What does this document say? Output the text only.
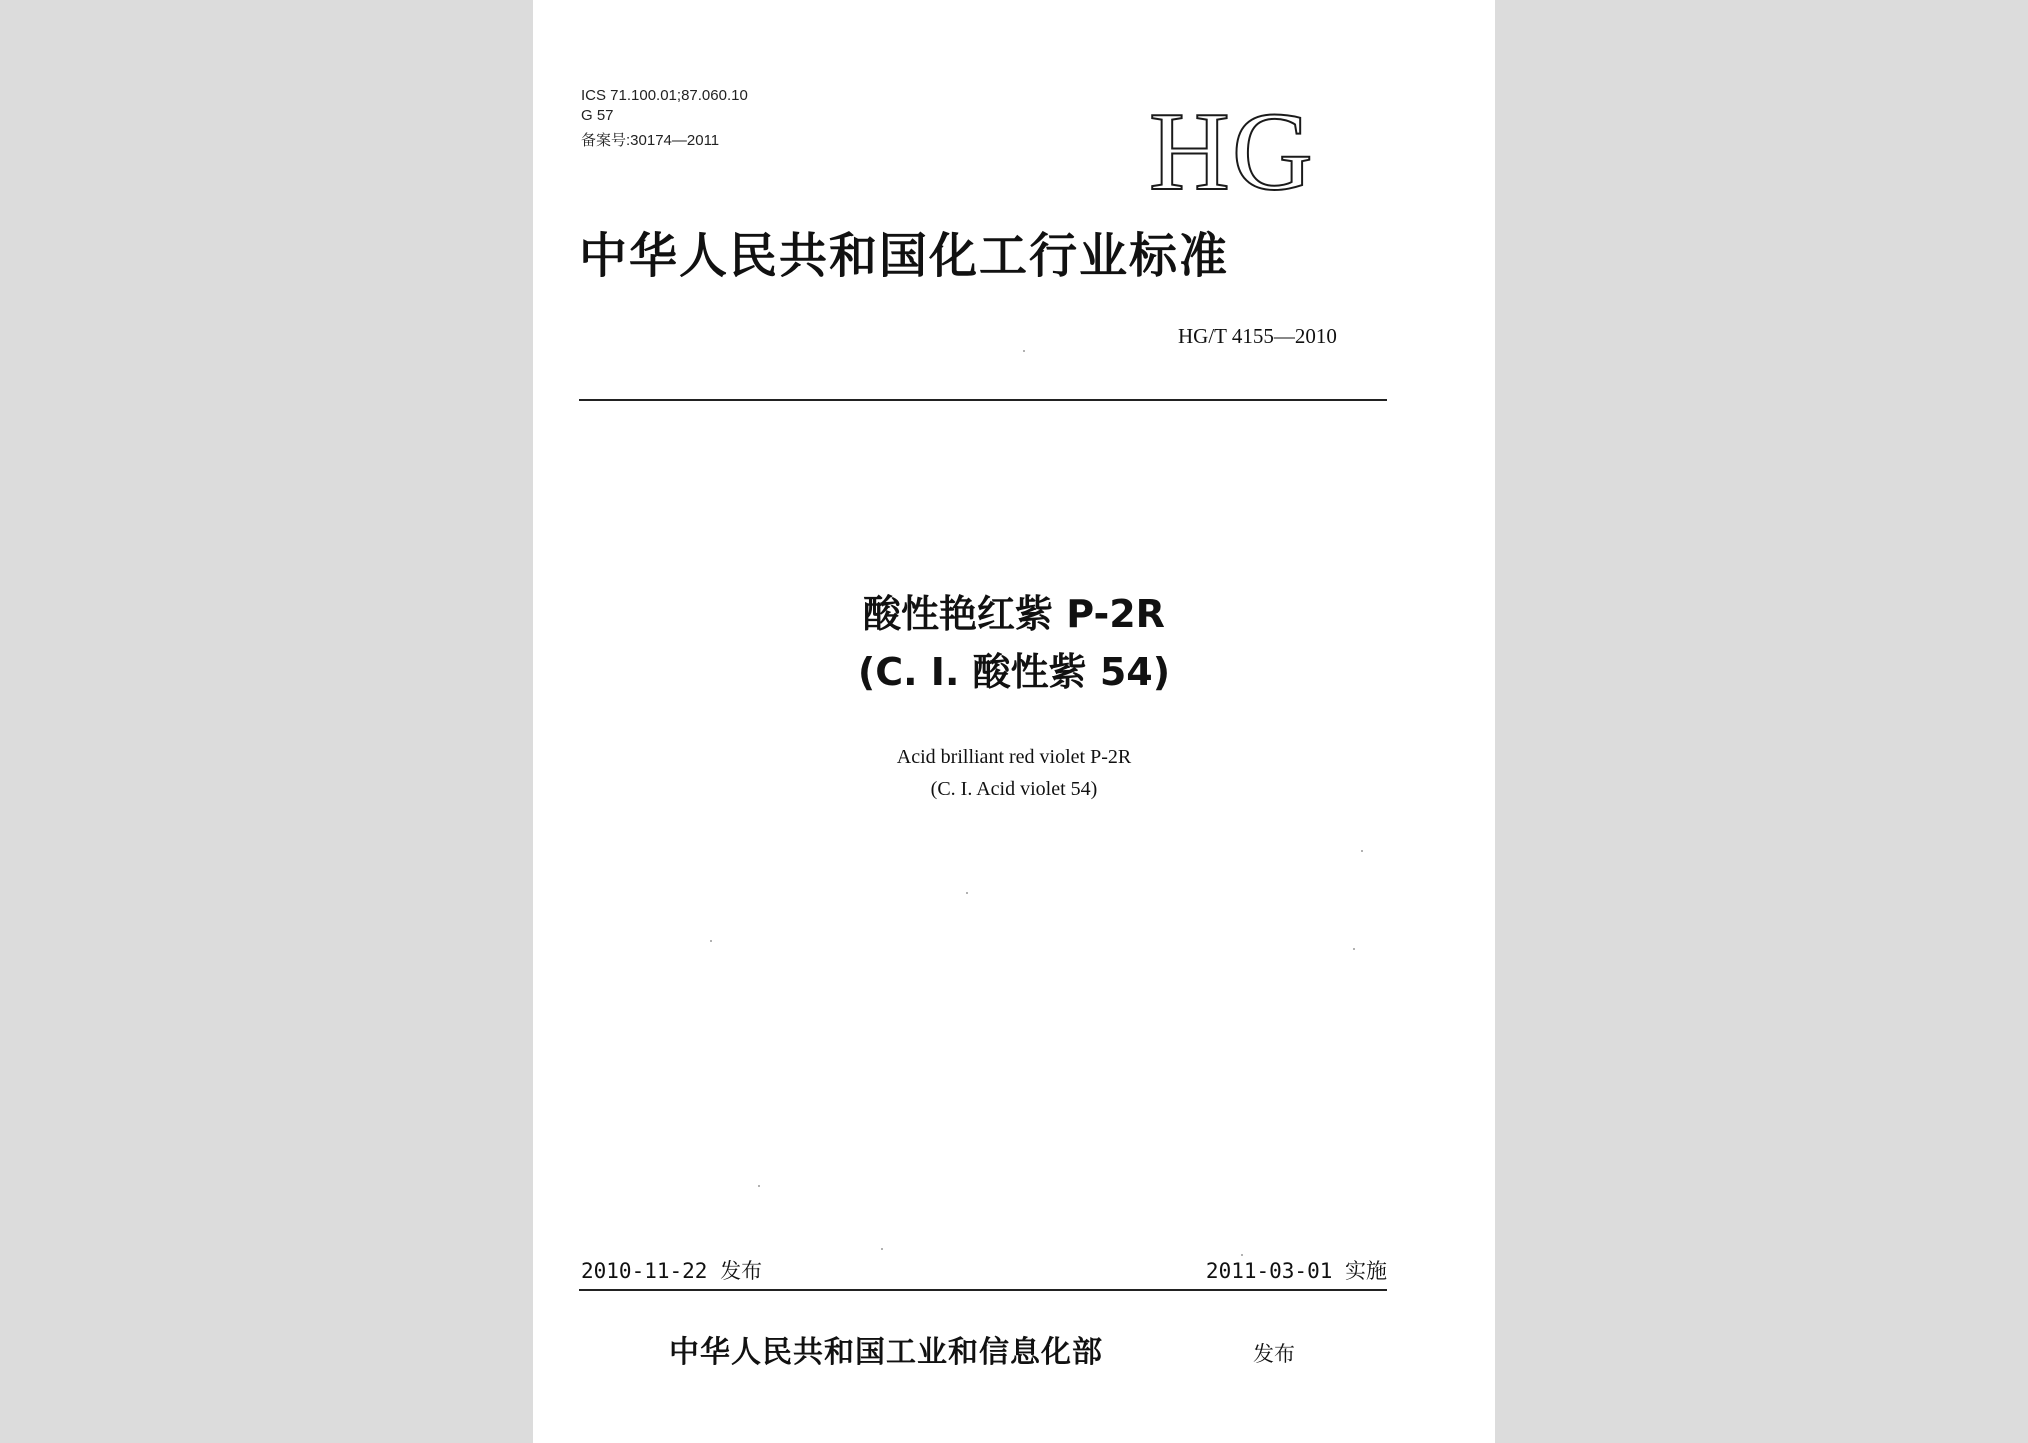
ICS 71.100.01;87.060.10

G 57

备案号:30174—2011	HG
中华人民共和国化工行业标准

HG/T 4155—2010

酸性艳红紫 P-2R
(C. I. 酸性紫 54)

Acid brilliant red violet P-2R

(C. I. Acid violet 54)

2010-11-22 发布	2011-03-01 实施

中华人民共和国工业和信息化部	发布
